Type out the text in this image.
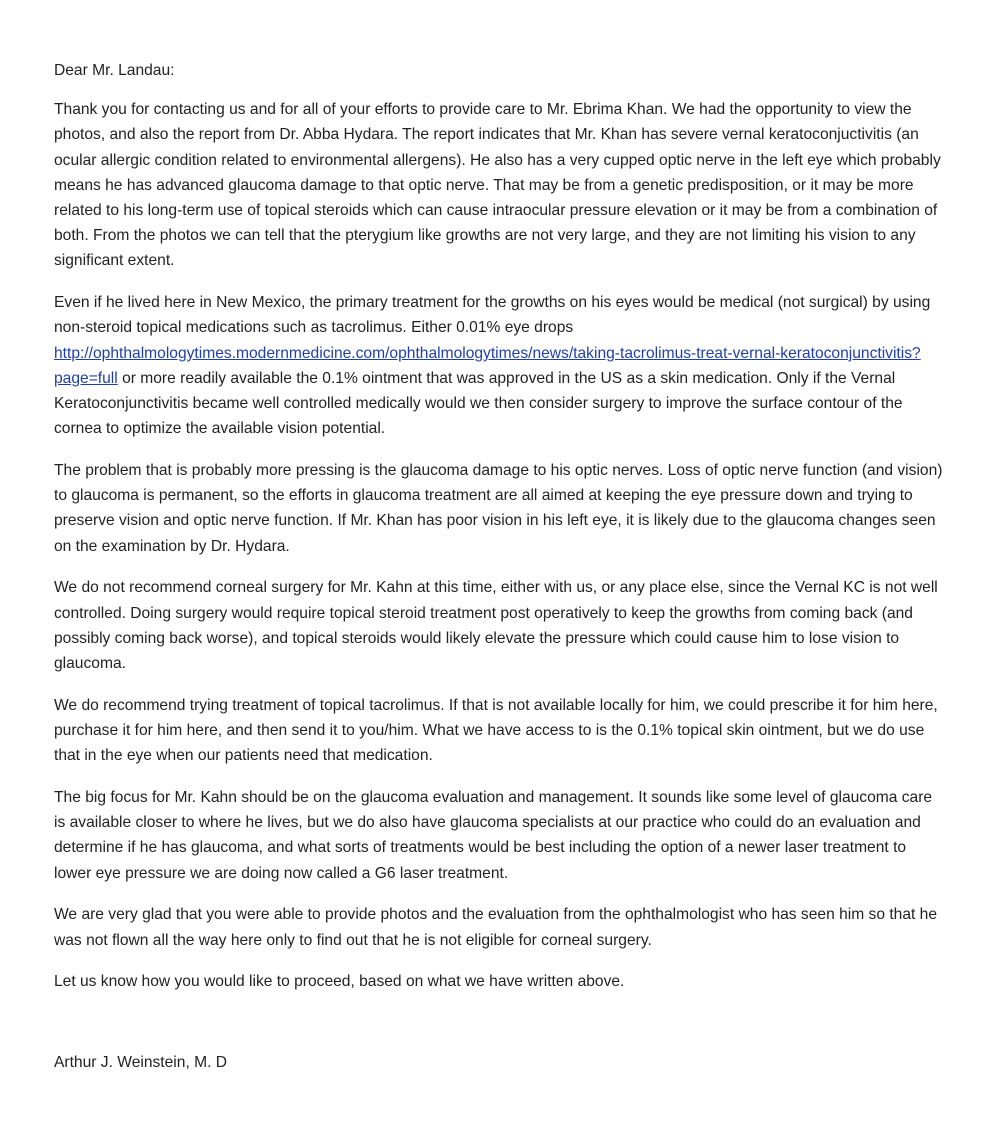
Dear Mr. Landau:

Thank you for contacting us and for all of your efforts to provide care to Mr. Ebrima Khan. We had the opportunity to view the photos, and also the report from Dr. Abba Hydara. The report indicates that Mr. Khan has severe vernal keratoconjuctivitis (an ocular allergic condition related to environmental allergens). He also has a very cupped optic nerve in the left eye which probably means he has advanced glaucoma damage to that optic nerve. That may be from a genetic predisposition, or it may be more related to his long-term use of topical steroids which can cause intraocular pressure elevation or it may be from a combination of both. From the photos we can tell that the pterygium like growths are not very large, and they are not limiting his vision to any significant extent.

Even if he lived here in New Mexico, the primary treatment for the growths on his eyes would be medical (not surgical) by using non-steroid topical medications such as tacrolimus. Either 0.01% eye drops http://ophthalmologytimes.modernmedicine.com/ophthalmologytimes/news/taking-tacrolimus-treat-vernal-keratoconjunctivitis?page=full or more readily available the 0.1% ointment that was approved in the US as a skin medication. Only if the Vernal Keratoconjunctivitis became well controlled medically would we then consider surgery to improve the surface contour of the cornea to optimize the available vision potential.

The problem that is probably more pressing is the glaucoma damage to his optic nerves. Loss of optic nerve function (and vision) to glaucoma is permanent, so the efforts in glaucoma treatment are all aimed at keeping the eye pressure down and trying to preserve vision and optic nerve function. If Mr. Khan has poor vision in his left eye, it is likely due to the glaucoma changes seen on the examination by Dr. Hydara.

We do not recommend corneal surgery for Mr. Kahn at this time, either with us, or any place else, since the Vernal KC is not well controlled. Doing surgery would require topical steroid treatment post operatively to keep the growths from coming back (and possibly coming back worse), and topical steroids would likely elevate the pressure which could cause him to lose vision to glaucoma.

We do recommend trying treatment of topical tacrolimus. If that is not available locally for him, we could prescribe it for him here, purchase it for him here, and then send it to you/him. What we have access to is the 0.1% topical skin ointment, but we do use that in the eye when our patients need that medication.

The big focus for Mr. Kahn should be on the glaucoma evaluation and management. It sounds like some level of glaucoma care is available closer to where he lives, but we do also have glaucoma specialists at our practice who could do an evaluation and determine if he has glaucoma, and what sorts of treatments would be best including the option of a newer laser treatment to lower eye pressure we are doing now called a G6 laser treatment.

We are very glad that you were able to provide photos and the evaluation from the ophthalmologist who has seen him so that he was not flown all the way here only to find out that he is not eligible for corneal surgery.

Let us know how you would like to proceed, based on what we have written above.

Arthur J. Weinstein, M. D
